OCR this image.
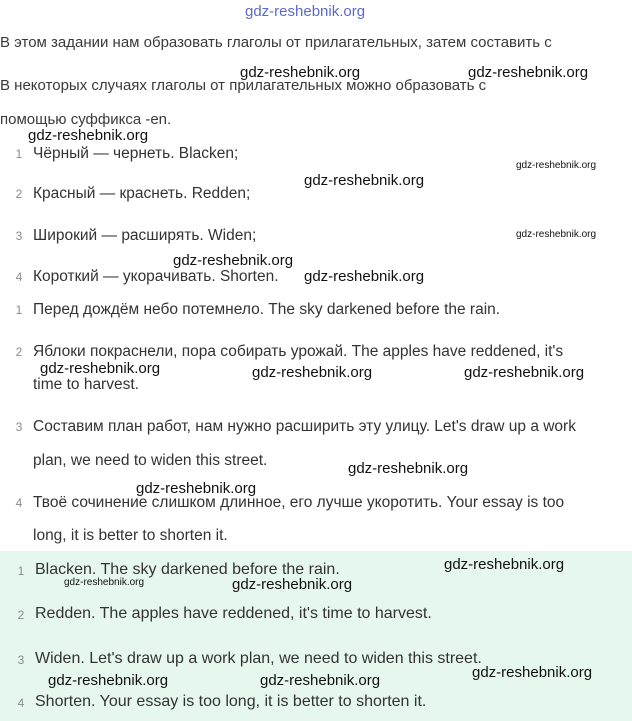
gdz-reshebnik.org
В этом задании нам образовать глаголы от прилагательных, затем составить с
В некоторых случаях глаголы от прилагательных можно образовать с
помощью суффикса -en.
1 Чёрный — чернеть. Blacken;
2 Красный — краснеть. Redden;
3 Широкий — расширять. Widen;
4 Короткий — укорачивать. Shorten.
1 Перед дождём небо потемнело. The sky darkened before the rain.
2 Яблоки покраснели, пора собирать урожай. The apples have reddened, it's
time to harvest.
3 Составим план работ, нам нужно расширить эту улицу. Let's draw up a work
plan, we need to widen this street.
4 Твоё сочинение слишком длинное, его лучше укоротить. Your essay is too
long, it is better to shorten it.
1 Blacken. The sky darkened before the rain.
2 Redden. The apples have reddened, it's time to harvest.
3 Widen. Let's draw up a work plan, we need to widen this street.
4 Shorten. Your essay is too long, it is better to shorten it.
gdz-reshebnik.org	gdz-reshebnik.org
gdz-reshebnik.org
gdz-reshebnik.org
gdz-reshebnik.org
gdz-reshebnik.org
gdz-reshebnik.org
gdz-reshebnik.org
gdz-reshebnik.org	gdz-reshebnik.org	gdz-reshebnik.org
gdz-reshebnik.org
gdz-reshebnik.org
gdz-reshebnik.org
gdz-reshebnik.org	gdz-reshebnik.org
gdz-reshebnik.org
gdz-reshebnik.org	gdz-reshebnik.org
